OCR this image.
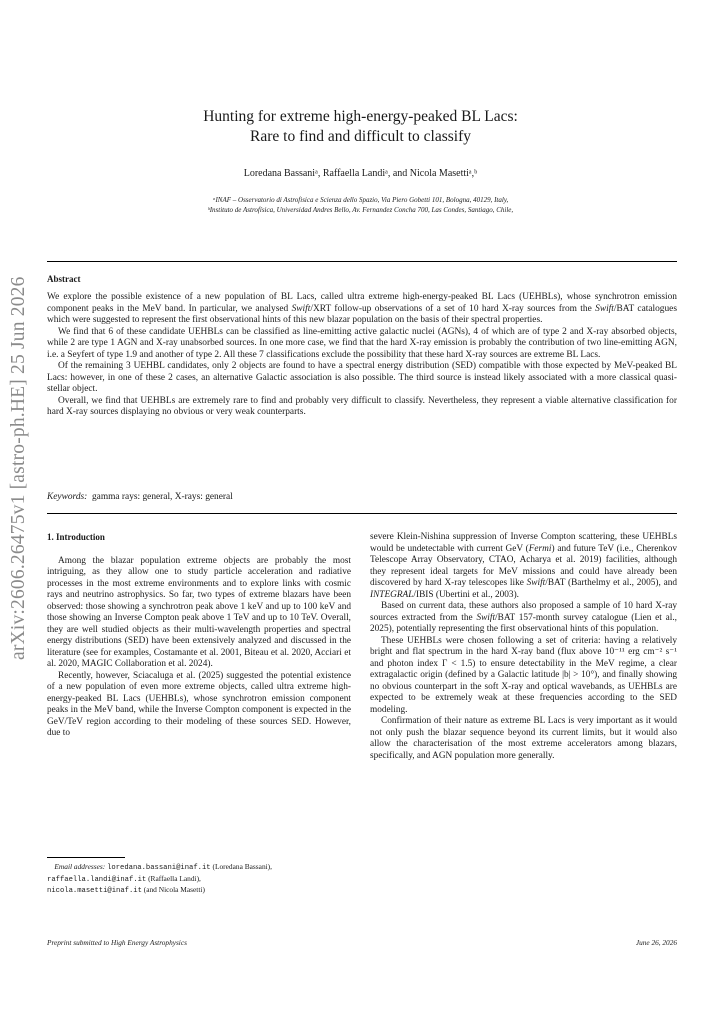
arXiv:2606.26475v1 [astro-ph.HE] 25 Jun 2026
Hunting for extreme high-energy-peaked BL Lacs:
Rare to find and difficult to classify
Loredana Bassaniᵃ, Raffaella Landiᵃ, and Nicola Masettiᵃ,ᵇ
ᵃINAF – Osservatorio di Astrofisica e Scienza dello Spazio, Via Piero Gobetti 101, Bologna, 40129, Italy,
ᵇInstituto de Astrofísica, Universidad Andres Bello, Av. Fernandez Concha 700, Las Condes, Santiago, Chile,
Abstract

We explore the possible existence of a new population of BL Lacs, called ultra extreme high-energy-peaked BL Lacs (UEHBLs), whose synchrotron emission component peaks in the MeV band. In particular, we analysed Swift/XRT follow-up observations of a set of 10 hard X-ray sources from the Swift/BAT catalogues which were suggested to represent the first observational hints of this new blazar population on the basis of their spectral properties.

We find that 6 of these candidate UEHBLs can be classified as line-emitting active galactic nuclei (AGNs), 4 of which are of type 2 and X-ray absorbed objects, while 2 are type 1 AGN and X-ray unabsorbed sources. In one more case, we find that the hard X-ray emission is probably the contribution of two line-emitting AGN, i.e. a Seyfert of type 1.9 and another of type 2. All these 7 classifications exclude the possibility that these hard X-ray sources are extreme BL Lacs.

Of the remaining 3 UEHBL candidates, only 2 objects are found to have a spectral energy distribution (SED) compatible with those expected by MeV-peaked BL Lacs: however, in one of these 2 cases, an alternative Galactic association is also possible. The third source is instead likely associated with a more classical quasi-stellar object.

Overall, we find that UEHBLs are extremely rare to find and probably very difficult to classify. Nevertheless, they represent a viable alternative classification for hard X-ray sources displaying no obvious or very weak counterparts.

Keywords: gamma rays: general, X-rays: general

1. Introduction

Among the blazar population extreme objects are probably the most intriguing, as they allow one to study particle acceleration and radiative processes in the most extreme environments and to explore links with cosmic rays and neutrino astrophysics. So far, two types of extreme blazars have been observed: those showing a synchrotron peak above 1 keV and up to 100 keV and those showing an Inverse Compton peak above 1 TeV and up to 10 TeV. Overall, they are well studied objects as their multi-wavelength properties and spectral energy distributions (SED) have been extensively analyzed and discussed in the literature (see for examples, Costamante et al. 2001, Biteau et al. 2020, Acciari et al. 2020, MAGIC Collaboration et al. 2024).

Recently, however, Sciacaluga et al. (2025) suggested the potential existence of a new population of even more extreme objects, called ultra extreme high-energy-peaked BL Lacs (UEHBLs), whose synchrotron emission component peaks in the MeV band, while the Inverse Compton component is expected in the GeV/TeV region according to their modeling of these sources SED. However, due to

severe Klein-Nishina suppression of Inverse Compton scattering, these UEHBLs would be undetectable with current GeV (Fermi) and future TeV (i.e., Cherenkov Telescope Array Observatory, CTAO, Acharya et al. 2019) facilities, although they represent ideal targets for MeV missions and could have already been discovered by hard X-ray telescopes like Swift/BAT (Barthelmy et al., 2005), and INTEGRAL/IBIS (Ubertini et al., 2003).

Based on current data, these authors also proposed a sample of 10 hard X-ray sources extracted from the Swift/BAT 157-month survey catalogue (Lien et al., 2025), potentially representing the first observational hints of this population.

These UEHBLs were chosen following a set of criteria: having a relatively bright and flat spectrum in the hard X-ray band (flux above 10⁻¹¹ erg cm⁻² s⁻¹ and photon index Γ < 1.5) to ensure detectability in the MeV regime, a clear extragalactic origin (defined by a Galactic latitude |b| > 10°), and finally showing no obvious counterpart in the soft X-ray and optical wavebands, as UEHBLs are expected to be extremely weak at these frequencies according to the SED modeling.

Confirmation of their nature as extreme BL Lacs is very important as it would not only push the blazar sequence beyond its current limits, but it would also allow the characterisation of the most extreme accelerators among blazars, specifically, and AGN population more generally.

Email addresses: loredana.bassani@inaf.it (Loredana Bassani), raffaella.landi@inaf.it (Raffaella Landi),
nicola.masetti@inaf.it (and Nicola Masetti)
Preprint submitted to High Energy Astrophysics	June 26, 2026
